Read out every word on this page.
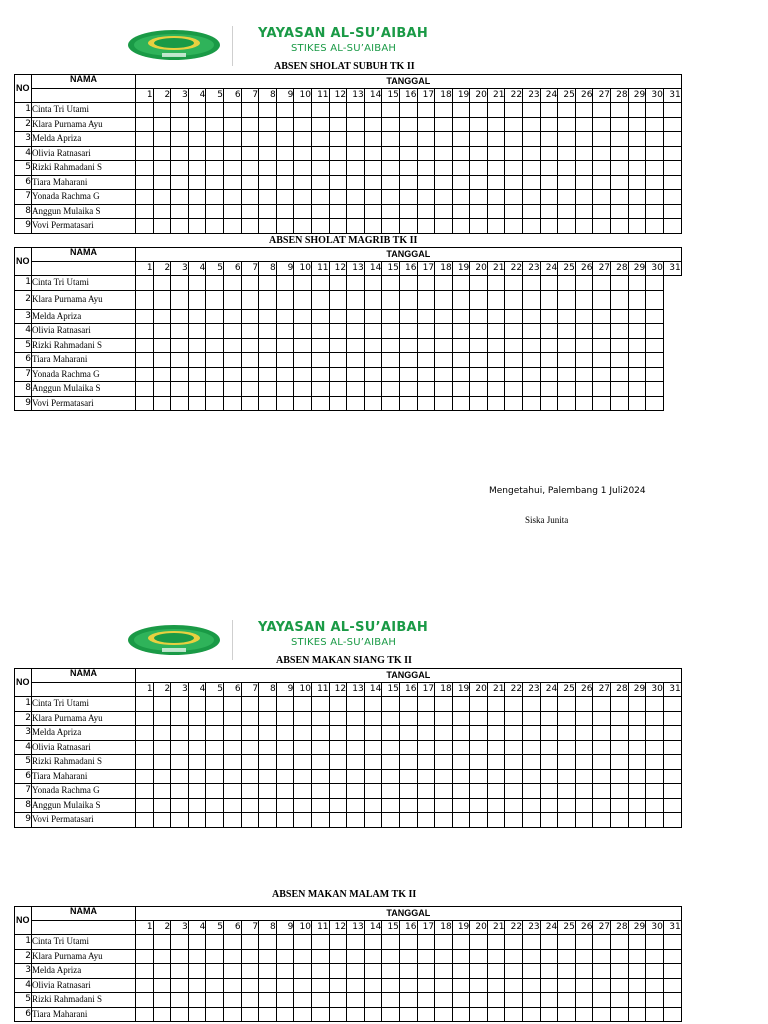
YAYASAN AL-SU’AIBAH
STIKES AL-SU’AIBAH
ABSEN SHOLAT SUBUH TK II
NO	NAMA	TANGGAL																														
		1	2	3	4	5	6	7	8	9	10	11	12	13	14	15	16	17	18	19	20	21	22	23	24	25	26	27	28	29	30	31
1	Cinta Tri Utami																															
2	Klara Purnama Ayu																															
3	Melda Apriza																															
4	Olivia Ratnasari																															
5	Rizki Rahmadani S																															
6	Tiara Maharani																															
7	Yonada Rachma G																															
8	Anggun Mulaika S																															
9	Vovi Permatasari																															
ABSEN SHOLAT MAGRIB TK II
NO	NAMA	TANGGAL																														
		1	2	3	4	5	6	7	8	9	10	11	12	13	14	15	16	17	18	19	20	21	22	23	24	25	26	27	28	29	30	31
1	Cinta Tri Utami																															
2	Klara Purnama Ayu																															
3	Melda Apriza																															
4	Olivia Ratnasari																															
5	Rizki Rahmadani S																															
6	Tiara Maharani																															
7	Yonada Rachma G																															
8	Anggun Mulaika S																															
9	Vovi Permatasari																															
Mengetahui, Palembang 1 Juli2024
Siska Junita
YAYASAN AL-SU’AIBAH
STIKES AL-SU’AIBAH
ABSEN MAKAN SIANG TK II
NO	NAMA	TANGGAL																														
		1	2	3	4	5	6	7	8	9	10	11	12	13	14	15	16	17	18	19	20	21	22	23	24	25	26	27	28	29	30	31
1	Cinta Tri Utami																															
2	Klara Purnama Ayu																															
3	Melda Apriza																															
4	Olivia Ratnasari																															
5	Rizki Rahmadani S																															
6	Tiara Maharani																															
7	Yonada Rachma G																															
8	Anggun Mulaika S																															
9	Vovi Permatasari																															
ABSEN MAKAN MALAM TK II
NO	NAMA	TANGGAL																														
		1	2	3	4	5	6	7	8	9	10	11	12	13	14	15	16	17	18	19	20	21	22	23	24	25	26	27	28	29	30	31
1	Cinta Tri Utami																															
2	Klara Purnama Ayu																															
3	Melda Apriza																															
4	Olivia Ratnasari																															
5	Rizki Rahmadani S																															
6	Tiara Maharani																															
